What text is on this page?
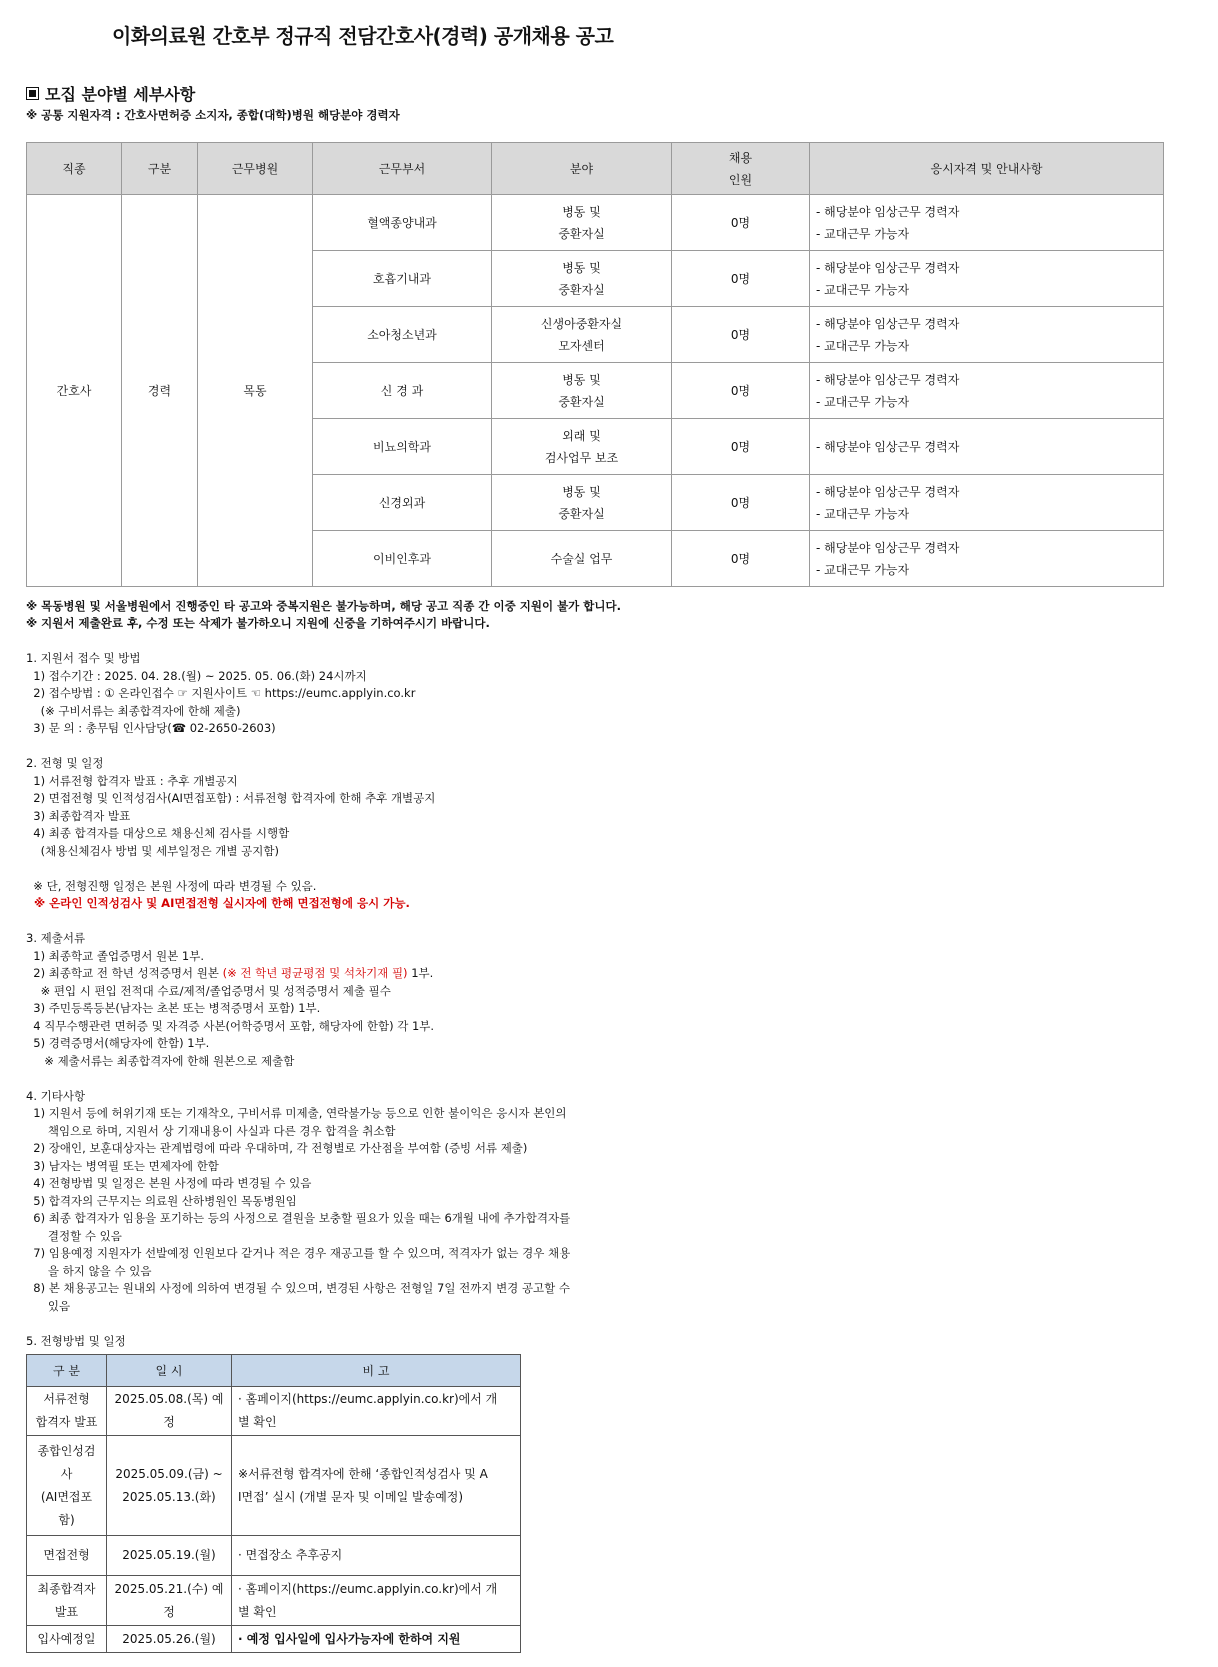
이화의료원 간호부 정규직 전담간호사(경력) 공개채용 공고
모집 분야별 세부사항
※ 공통 지원자격 : 간호사면허증 소지자, 종합(대학)병원 해당분야 경력자
직종	구분	근무병원	근무부서	분야	채용
인원	응시자격 및 안내사항
간호사	경력	목동	혈액종양내과	병동 및
중환자실	0명	- 해당분야 임상근무 경력자
- 교대근무 가능자

			호흡기내과	병동 및
중환자실	0명	- 해당분야 임상근무 경력자
- 교대근무 가능자

			소아청소년과	신생아중환자실
모자센터	0명	- 해당분야 임상근무 경력자
- 교대근무 가능자

			신 경 과	병동 및
중환자실	0명	- 해당분야 임상근무 경력자
- 교대근무 가능자

			비뇨의학과	외래 및
검사업무 보조	0명	- 해당분야 임상근무 경력자

			신경외과	병동 및
중환자실	0명	- 해당분야 임상근무 경력자
- 교대근무 가능자

			이비인후과	수술실 업무	0명	- 해당분야 임상근무 경력자
- 교대근무 가능자
※ 목동병원 및 서울병원에서 진행중인 타 공고와 중복지원은 불가능하며, 해당 공고 직종 간 이중 지원이 불가 합니다.
※ 지원서 제출완료 후, 수정 또는 삭제가 불가하오니 지원에 신중을 기하여주시기 바랍니다.
1. 지원서 접수 및 방법
1) 접수기간 : 2025. 04. 28.(월) ~ 2025. 05. 06.(화) 24시까지
2) 접수방법 : ① 온라인접수 ☞ 지원사이트 ☜ https://eumc.applyin.co.kr
(※ 구비서류는 최종합격자에 한해 제출)
3) 문 의 : 총무팀 인사담당(☎ 02-2650-2603)
2. 전형 및 일정
1) 서류전형 합격자 발표 : 추후 개별공지
2) 면접전형 및 인적성검사(AI면접포함) : 서류전형 합격자에 한해 추후 개별공지
3) 최종합격자 발표
4) 최종 합격자를 대상으로 채용신체 검사를 시행함
(채용신체검사 방법 및 세부일정은 개별 공지함)
※ 단, 전형진행 일정은 본원 사정에 따라 변경될 수 있음.
※ 온라인 인적성검사 및 AI면접전형 실시자에 한해 면접전형에 응시 가능.
3. 제출서류
1) 최종학교 졸업증명서 원본 1부.
2) 최종학교 전 학년 성적증명서 원본 (※ 전 학년 평균평점 및 석차기재 필) 1부.
※ 편입 시 편입 전적대 수료/제적/졸업증명서 및 성적증명서 제출 필수
3) 주민등록등본(남자는 초본 또는 병적증명서 포함) 1부.
4 직무수행관련 면허증 및 자격증 사본(어학증명서 포함, 해당자에 한함) 각 1부.
5) 경력증명서(해당자에 한함) 1부.
※ 제출서류는 최종합격자에 한해 원본으로 제출함
4. 기타사항
1) 지원서 등에 허위기재 또는 기재착오, 구비서류 미제출, 연락불가능 등으로 인한 불이익은 응시자 본인의
책임으로 하며, 지원서 상 기재내용이 사실과 다른 경우 합격을 취소함
2) 장애인, 보훈대상자는 관계법령에 따라 우대하며, 각 전형별로 가산점을 부여함 (증빙 서류 제출)
3) 남자는 병역필 또는 면제자에 한함
4) 전형방법 및 일정은 본원 사정에 따라 변경될 수 있음
5) 합격자의 근무지는 의료원 산하병원인 목동병원임
6) 최종 합격자가 임용을 포기하는 등의 사정으로 결원을 보충할 필요가 있을 때는 6개월 내에 추가합격자를
결정할 수 있음
7) 임용예정 지원자가 선발예정 인원보다 같거나 적은 경우 재공고를 할 수 있으며, 적격자가 없는 경우 채용
을 하지 않을 수 있음
8) 본 채용공고는 원내외 사정에 의하여 변경될 수 있으며, 변경된 사항은 전형일 7일 전까지 변경 공고할 수
있음
5. 전형방법 및 일정
구 분	일 시	비 고

서류전형
합격자 발표	2025.05.08.(목) 예
정	· 홈페이지(https://eumc.applyin.co.kr)에서 개
별 확인

종합인성검
사
(AI면접포
함)	2025.05.09.(금) ~
2025.05.13.(화)	※서류전형 합격자에 한해 ‘종합인적성검사 및 A
I면접’ 실시 (개별 문자 및 이메일 발송예정)

면접전형	2025.05.19.(월)	· 면접장소 추후공지

최종합격자
발표	2025.05.21.(수) 예
정	· 홈페이지(https://eumc.applyin.co.kr)에서 개
별 확인

입사예정일	2025.05.26.(월)	· 예정 입사일에 입사가능자에 한하여 지원
